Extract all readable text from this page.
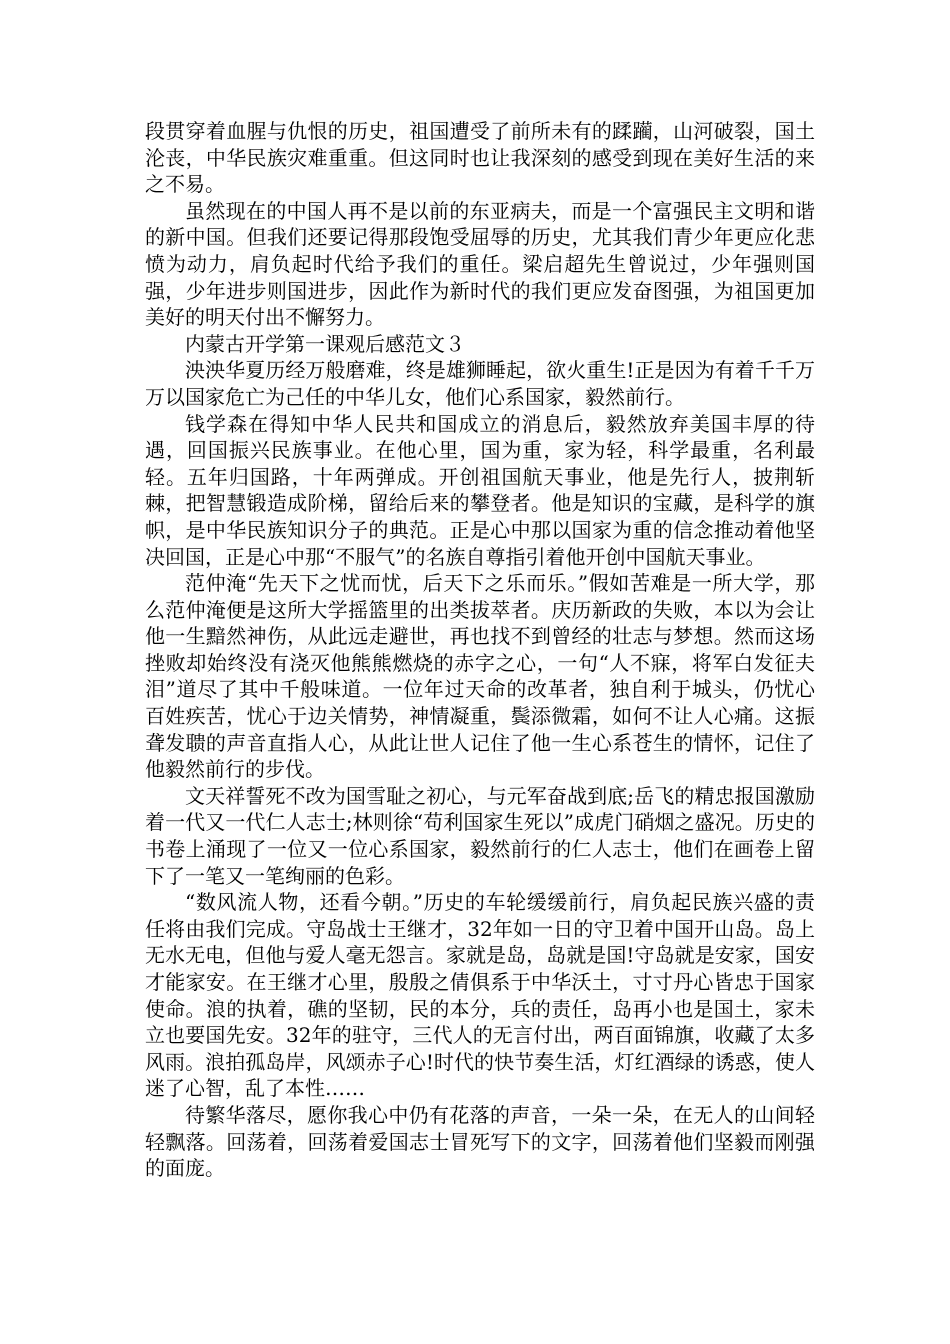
段贯穿着血腥与仇恨的历史，祖国遭受了前所未有的蹂躏，山河破裂，国土沦丧，中华民族灾难重重。但这同时也让我深刻的感受到现在美好生活的来之不易。

虽然现在的中国人再不是以前的东亚病夫，而是一个富强民主文明和谐的新中国。但我们还要记得那段饱受屈辱的历史，尤其我们青少年更应化悲愤为动力，肩负起时代给予我们的重任。梁启超先生曾说过，少年强则国强，少年进步则国进步，因此作为新时代的我们更应发奋图强，为祖国更加美好的明天付出不懈努力。

内蒙古开学第一课观后感范文３

泱泱华夏历经万般磨难，终是雄狮睡起，欲火重生!正是因为有着千千万万以国家危亡为己任的中华儿女，他们心系国家，毅然前行。

钱学森在得知中华人民共和国成立的消息后，毅然放弃美国丰厚的待遇，回国振兴民族事业。在他心里，国为重，家为轻，科学最重，名利最轻。五年归国路，十年两弹成。开创祖国航天事业，他是先行人，披荆斩棘，把智慧锻造成阶梯，留给后来的攀登者。他是知识的宝藏，是科学的旗帜，是中华民族知识分子的典范。正是心中那以国家为重的信念推动着他坚决回国，正是心中那“不服气”的名族自尊指引着他开创中国航天事业。

范仲淹“先天下之忧而忧，后天下之乐而乐。”假如苦难是一所大学，那么范仲淹便是这所大学摇篮里的出类拔萃者。庆历新政的失败，本以为会让他一生黯然神伤，从此远走避世，再也找不到曾经的壮志与梦想。然而这场挫败却始终没有浇灭他熊熊燃烧的赤字之心，一句“人不寐，将军白发征夫泪”道尽了其中千般味道。一位年过天命的改革者，独自利于城头，仍忧心百姓疾苦，忧心于边关情势，神情凝重，鬓添微霜，如何不让人心痛。这振聋发聩的声音直指人心，从此让世人记住了他一生心系苍生的情怀，记住了他毅然前行的步伐。

文天祥誓死不改为国雪耻之初心，与元军奋战到底;岳飞的精忠报国激励着一代又一代仁人志士;林则徐“苟利国家生死以”成虎门硝烟之盛况。历史的书卷上涌现了一位又一位心系国家，毅然前行的仁人志士，他们在画卷上留下了一笔又一笔绚丽的色彩。

“数风流人物，还看今朝。”历史的车轮缓缓前行，肩负起民族兴盛的责任将由我们完成。守岛战士王继才，32年如一日的守卫着中国开山岛。岛上无水无电，但他与爱人毫无怨言。家就是岛，岛就是国!守岛就是安家，国安才能家安。在王继才心里，殷殷之倩俱系于中华沃土，寸寸丹心皆忠于国家使命。浪的执着，礁的坚韧，民的本分，兵的责任，岛再小也是国土，家未立也要国先安。32年的驻守，三代人的无言付出，两百面锦旗，收藏了太多风雨。浪拍孤岛岸，风颂赤子心!时代的快节奏生活，灯红酒绿的诱惑，使人迷了心智，乱了本性……

待繁华落尽，愿你我心中仍有花落的声音，一朵一朵，在无人的山间轻轻飘落。回荡着，回荡着爱国志士冒死写下的文字，回荡着他们坚毅而刚强的面庞。
